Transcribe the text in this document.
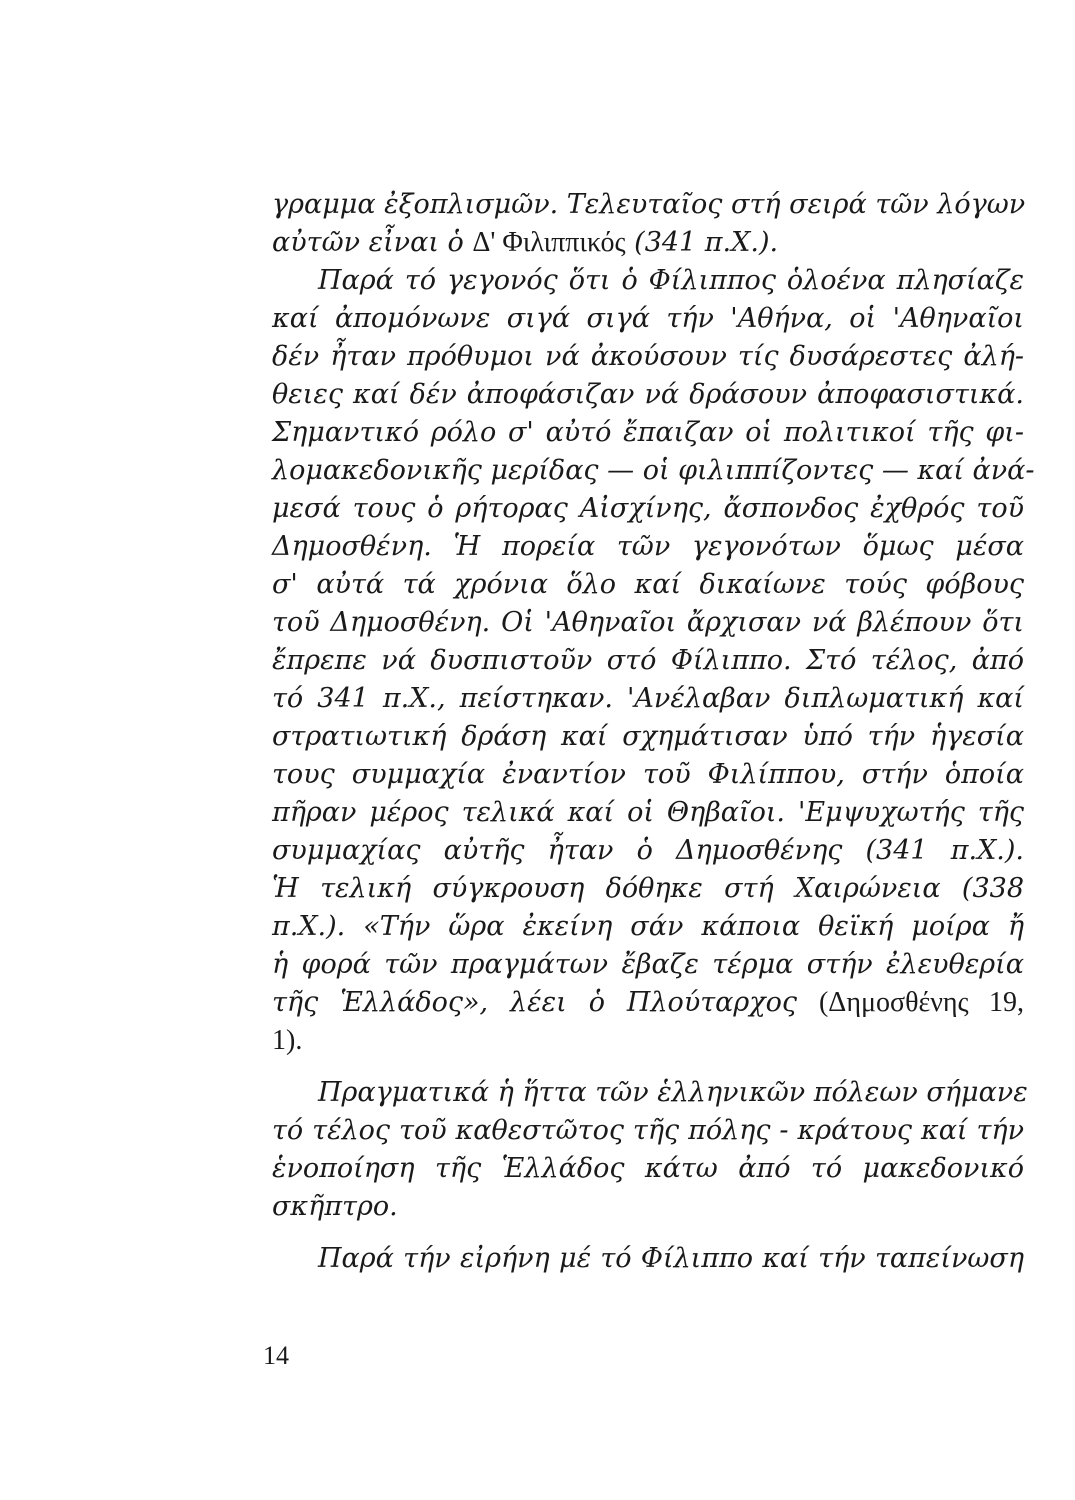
γραμμα ἐξοπλισμῶν. Τελευταῖος στή σειρά τῶν λόγων
αὐτῶν εἶναι ὁ Δ' Φιλιππικός (341 π.Χ.).
Παρά τό γεγονός ὅτι ὁ Φίλιππος ὁλοένα πλησίαζε
καί ἀπομόνωνε σιγά σιγά τήν 'Αθήνα, οἱ 'Αθηναῖοι
δέν ἦταν πρόθυμοι νά ἀκούσουν τίς δυσάρεστες ἀλή-
θειες καί δέν ἀποφάσιζαν νά δράσουν ἀποφασιστικά.
Σημαντικό ρόλο σ' αὐτό ἔπαιζαν οἱ πολιτικοί τῆς φι-
λομακεδονικῆς μερίδας — οἱ φιλιππίζοντες — καί ἀνά-
μεσά τους ὁ ρήτορας Αἰσχίνης, ἄσπονδος ἐχθρός τοῦ
Δημοσθένη. Ἡ πορεία τῶν γεγονότων ὅμως μέσα
σ' αὐτά τά χρόνια ὅλο καί δικαίωνε τούς φόβους
τοῦ Δημοσθένη. Οἱ 'Αθηναῖοι ἄρχισαν νά βλέπουν ὅτι
ἔπρεπε νά δυσπιστοῦν στό Φίλιππο. Στό τέλος, ἀπό
τό 341 π.Χ., πείστηκαν. 'Ανέλαβαν διπλωματική καί
στρατιωτική δράση καί σχημάτισαν ὑπό τήν ἡγεσία
τους συμμαχία ἐναντίον τοῦ Φιλίππου, στήν ὁποία
πῆραν μέρος τελικά καί οἱ Θηβαῖοι. 'Εμψυχωτής τῆς
συμμαχίας αὐτῆς ἦταν ὁ Δημοσθένης (341 π.Χ.).
Ἡ τελική σύγκρουση δόθηκε στή Χαιρώνεια (338
π.Χ.). «Τήν ὥρα ἐκείνη σάν κάποια θεϊκή μοίρα ἤ
ἡ φορά τῶν πραγμάτων ἔβαζε τέρμα στήν ἐλευθερία
τῆς Ἑλλάδος», λέει ὁ Πλούταρχος (Δημοσθένης 19,
1).
Πραγματικά ἡ ἥττα τῶν ἑλληνικῶν πόλεων σήμανε
τό τέλος τοῦ καθεστῶτος τῆς πόλης - κράτους καί τήν
ἑνοποίηση τῆς Ἑλλάδος κάτω ἀπό τό μακεδονικό
σκῆπτρο.
Παρά τήν εἰρήνη μέ τό Φίλιππο καί τήν ταπείνωση
14
